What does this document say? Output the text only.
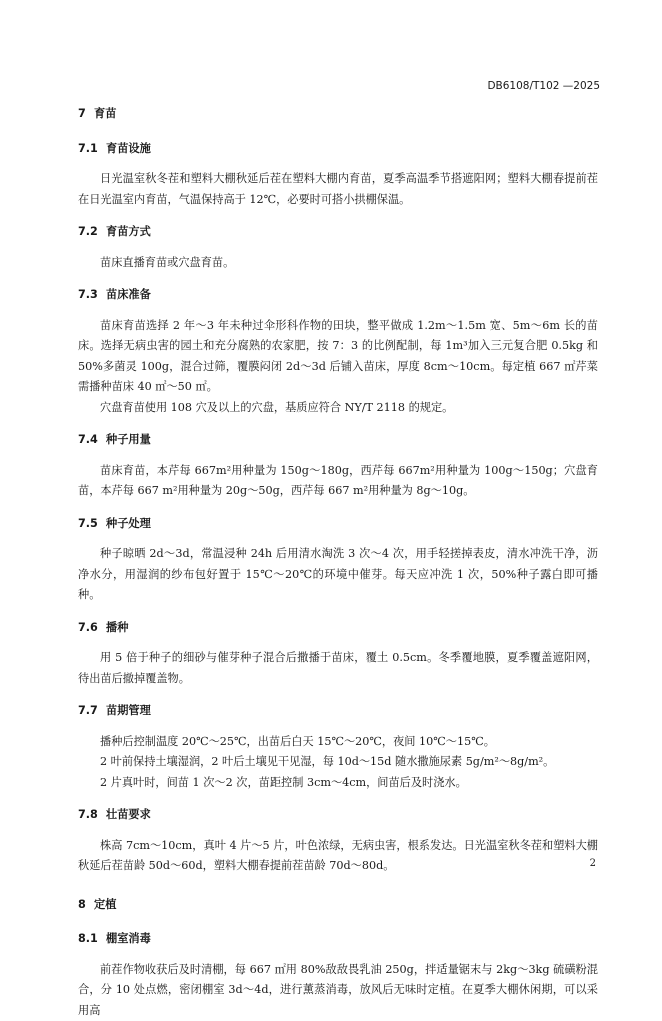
DB6108/T102 —2025
7 育苗
7.1 育苗设施

日光温室秋冬茬和塑料大棚秋延后茬在塑料大棚内育苗，夏季高温季节搭遮阳网；塑料大棚春提前茬在日光温室内育苗，气温保持高于 12℃，必要时可搭小拱棚保温。

7.2 育苗方式

苗床直播育苗或穴盘育苗。

7.3 苗床准备

苗床育苗选择 2 年～3 年未种过伞形科作物的田块，整平做成 1.2m～1.5m 宽、5m～6m 长的苗床。选择无病虫害的园土和充分腐熟的农家肥，按 7：3 的比例配制，每 1m³加入三元复合肥 0.5kg 和 50%多菌灵 100g，混合过筛，覆膜闷闭 2d～3d 后铺入苗床，厚度 8cm～10cm。每定植 667 ㎡芹菜需播种苗床 40 ㎡～50 ㎡。

穴盘育苗使用 108 穴及以上的穴盘，基质应符合 NY/T 2118 的规定。

7.4 种子用量

苗床育苗，本芹每 667m²用种量为 150g～180g，西芹每 667m²用种量为 100g～150g；穴盘育苗，本芹每 667 m²用种量为 20g～50g，西芹每 667 m²用种量为 8g～10g。

7.5 种子处理

种子晾晒 2d～3d，常温浸种 24h 后用清水淘洗 3 次～4 次，用手轻搓掉表皮，清水冲洗干净，沥净水分，用湿润的纱布包好置于 15℃～20℃的环境中催芽。每天应冲洗 1 次，50%种子露白即可播种。

7.6 播种

用 5 倍于种子的细砂与催芽种子混合后撒播于苗床，覆土 0.5cm。冬季覆地膜，夏季覆盖遮阳网，待出苗后撤掉覆盖物。

7.7 苗期管理

播种后控制温度 20℃～25℃，出苗后白天 15℃～20℃，夜间 10℃～15℃。

2 叶前保持土壤湿润，2 叶后土壤见干见湿，每 10d～15d 随水撒施尿素 5g/m²～8g/m²。

2 片真叶时，间苗 1 次～2 次，苗距控制 3cm～4cm，间苗后及时浇水。

7.8 壮苗要求

株高 7cm～10cm，真叶 4 片～5 片，叶色浓绿，无病虫害，根系发达。日光温室秋冬茬和塑料大棚秋延后茬苗龄 50d～60d，塑料大棚春提前茬苗龄 70d～80d。

8 定植
8.1 棚室消毒

前茬作物收获后及时清棚，每 667 ㎡用 80%敌敌畏乳油 250g，拌适量锯末与 2kg～3kg 硫磺粉混合，分 10 处点燃，密闭棚室 3d～4d，进行薰蒸消毒，放风后无味时定植。在夏季大棚休闲期，可以采用高

2
